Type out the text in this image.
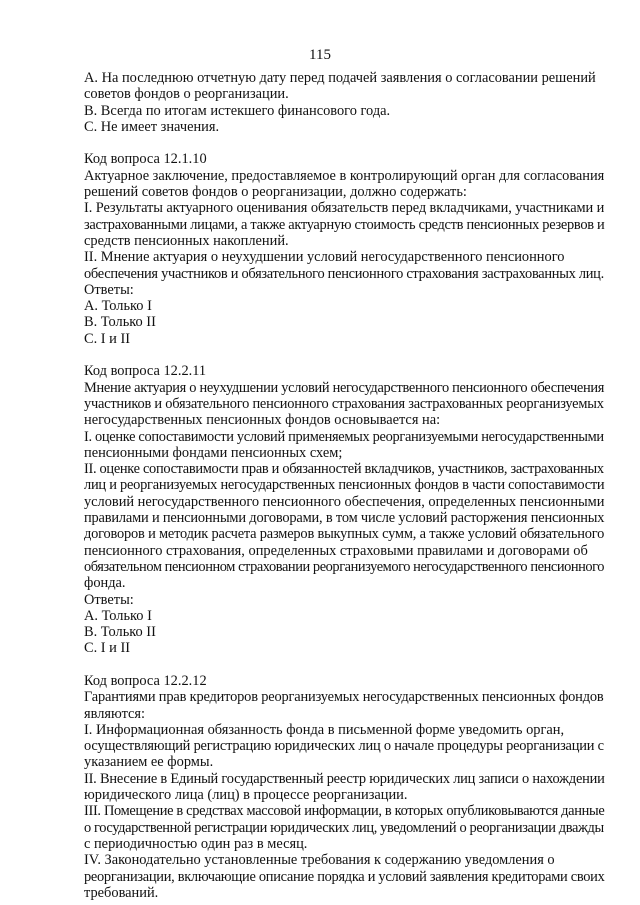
115
A. На последнюю отчетную дату перед подачей заявления о согласовании решений
советов фондов о реорганизации.
B. Всегда по итогам истекшего финансового года.
C. Не имеет значения.
Код вопроса 12.1.10
Актуарное заключение, предоставляемое в контролирующий орган для согласования
решений советов фондов о реорганизации, должно содержать:
I. Результаты актуарного оценивания обязательств перед вкладчиками, участниками и
застрахованными лицами, а также актуарную стоимость средств пенсионных резервов и
средств пенсионных накоплений.
II. Мнение актуария о неухудшении условий негосударственного пенсионного
обеспечения участников и обязательного пенсионного страхования застрахованных лиц.
Ответы:
A. Только I
B. Только II
C. I и II
Код вопроса 12.2.11
Мнение актуария о неухудшении условий негосударственного пенсионного обеспечения
участников и обязательного пенсионного страхования застрахованных реорганизуемых
негосударственных пенсионных фондов основывается на:
I. оценке сопоставимости условий применяемых реорганизуемыми негосударственными
пенсионными фондами пенсионных схем;
II. оценке сопоставимости прав и обязанностей вкладчиков, участников, застрахованных
лиц и реорганизуемых негосударственных пенсионных фондов в части сопоставимости
условий негосударственного пенсионного обеспечения, определенных пенсионными
правилами и пенсионными договорами, в том числе условий расторжения пенсионных
договоров и методик расчета размеров выкупных сумм, а также условий обязательного
пенсионного страхования, определенных страховыми правилами и договорами об
обязательном пенсионном страховании реорганизуемого негосударственного пенсионного
фонда.
Ответы:
A. Только I
B. Только II
C. I и II
Код вопроса 12.2.12
Гарантиями прав кредиторов реорганизуемых негосударственных пенсионных фондов
являются:
I. Информационная обязанность фонда в письменной форме уведомить орган,
осуществляющий регистрацию юридических лиц о начале процедуры реорганизации с
указанием ее формы.
II. Внесение в Единый государственный реестр юридических лиц записи о нахождении
юридического лица (лиц) в процессе реорганизации.
III. Помещение в средствах массовой информации, в которых опубликовываются данные
о государственной регистрации юридических лиц, уведомлений о реорганизации дважды
с периодичностью один раз в месяц.
IV. Законодательно установленные требования к содержанию уведомления о
реорганизации, включающие описание порядка и условий заявления кредиторами своих
требований.
